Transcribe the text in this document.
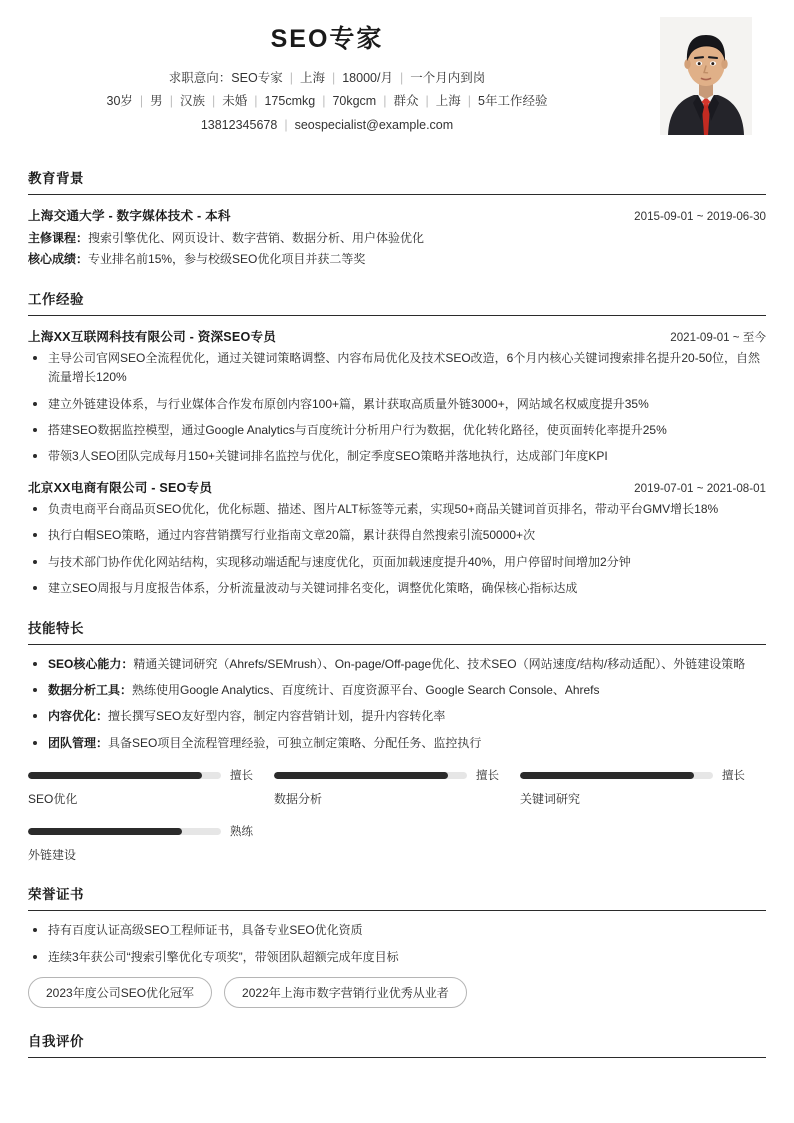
SEO专家
求职意向：SEO专家 | 上海 | 18000/月 | 一个月内到岗
30岁 | 男 | 汉族 | 未婚 | 175cmkg | 70kgcm | 群众 | 上海 | 5年工作经验
13812345678 | seospecialist@example.com
教育背景
上海交通大学 - 数字媒体技术 - 本科	2015-09-01 ~ 2019-06-30
主修课程：搜索引擎优化、网页设计、数字营销、数据分析、用户体验优化
核心成绩：专业排名前15%，参与校级SEO优化项目并获二等奖
工作经验
上海XX互联网科技有限公司 - 资深SEO专员	2021-09-01 ~ 至今
主导公司官网SEO全流程优化，通过关键词策略调整、内容布局优化及技术SEO改造，6个月内核心关键词搜索排名提升20-50位，自然流量增长120%
建立外链建设体系，与行业媒体合作发布原创内容100+篇，累计获取高质量外链3000+，网站域名权威度提升35%
搭建SEO数据监控模型，通过Google Analytics与百度统计分析用户行为数据，优化转化路径，使页面转化率提升25%
带领3人SEO团队完成每月150+关键词排名监控与优化，制定季度SEO策略并落地执行，达成部门年度KPI
北京XX电商有限公司 - SEO专员	2019-07-01 ~ 2021-08-01
负责电商平台商品页SEO优化，优化标题、描述、图片ALT标签等元素，实现50+商品关键词首页排名，带动平台GMV增长18%
执行白帽SEO策略，通过内容营销撰写行业指南文章20篇，累计获得自然搜索引流50000+次
与技术部门协作优化网站结构，实现移动端适配与速度优化，页面加载速度提升40%，用户停留时间增加2分钟
建立SEO周报与月度报告体系，分析流量波动与关键词排名变化，调整优化策略，确保核心指标达成
技能特长
SEO核心能力：精通关键词研究（Ahrefs/SEMrush）、On-page/Off-page优化、技术SEO（网站速度/结构/移动适配）、外链建设策略
数据分析工具：熟练使用Google Analytics、百度统计、百度资源平台、Google Search Console、Ahrefs
内容优化：擅长撰写SEO友好型内容，制定内容营销计划，提升内容转化率
团队管理：具备SEO项目全流程管理经验，可独立制定策略、分配任务、监控执行
擅长
SEO优化
擅长
数据分析
擅长
关键词研究
熟练
外链建设
荣誉证书
持有百度认证高级SEO工程师证书，具备专业SEO优化资质
连续3年获公司“搜索引擎优化专项奖”，带领团队超额完成年度目标
2023年度公司SEO优化冠军	2022年上海市数字营销行业优秀从业者
自我评价
